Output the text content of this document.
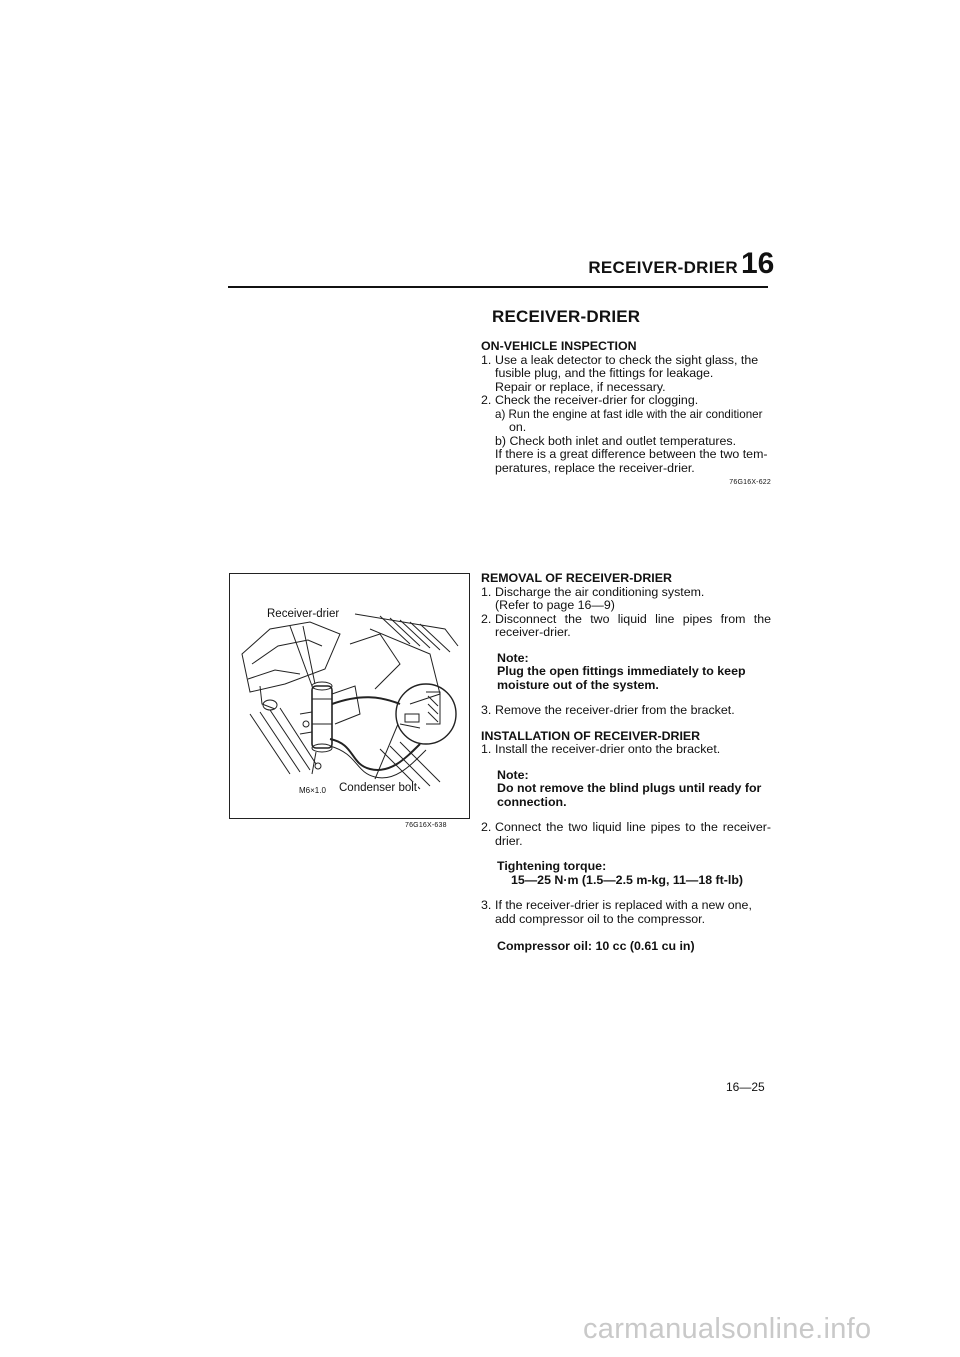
RECEIVER-DRIER 16
RECEIVER-DRIER
ON-VEHICLE INSPECTION
1. Use a leak detector to check the sight glass, the
fusible plug, and the fittings for leakage.
Repair or replace, if necessary.
2. Check the receiver-drier for clogging.
a) Run the engine at fast idle with the air conditioner
on.
b) Check both inlet and outlet temperatures.
If there is a great difference between the two tem-
peratures, replace the receiver-drier.
76G16X-622
Receiver-drier
M6×1.0 Condenser bolt
76G16X-638
REMOVAL OF RECEIVER-DRIER
1. Discharge the air conditioning system.
(Refer to page 16—9)
2. Disconnect the two liquid line pipes from the receiver-drier.
Note:
Plug the open fittings immediately to keep moisture out of the system.
3. Remove the receiver-drier from the bracket.
INSTALLATION OF RECEIVER-DRIER
1. Install the receiver-drier onto the bracket.
Note:
Do not remove the blind plugs until ready for connection.
2. Connect the two liquid line pipes to the receiver-drier.
Tightening torque:
15—25 N·m (1.5—2.5 m-kg, 11—18 ft-lb)
3. If the receiver-drier is replaced with a new one, add compressor oil to the compressor.
Compressor oil: 10 cc (0.61 cu in)
16—25
carmanualsonline.info
